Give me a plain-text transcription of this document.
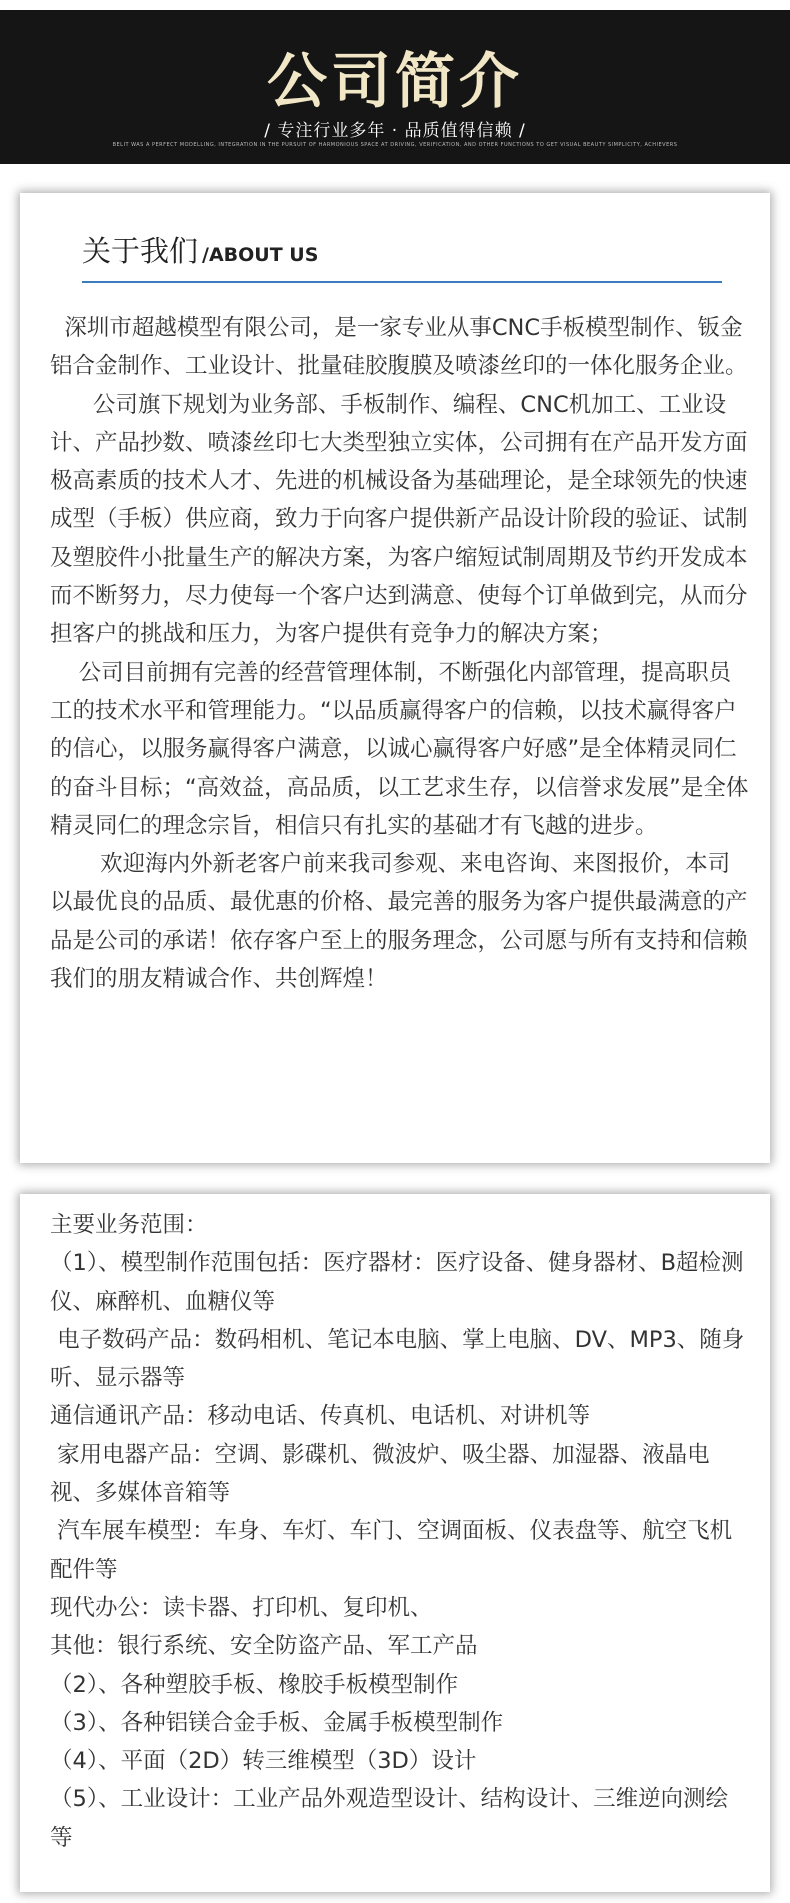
公司简介
/ 专注行业多年 · 品质值得信赖 /
BELIT WAS A PERFECT MODELLING, INTEGRATION IN THE PURSUIT OF HARMONIOUS SPACE AT DRIVING, VERIFICATION, AND OTHER FUNCTIONS TO GET VISUAL BEAUTY SIMPLICITY, ACHIEVERS
关于我们 /ABOUT US

深圳市超越模型有限公司，是一家专业从事CNC手板模型制作、钣金铝合金制作、工业设计、批量硅胶腹膜及喷漆丝印的一体化服务企业。

公司旗下规划为业务部、手板制作、编程、CNC机加工、工业设计、产品抄数、喷漆丝印七大类型独立实体，公司拥有在产品开发方面极高素质的技术人才、先进的机械设备为基础理论，是全球领先的快速成型（手板）供应商，致力于向客户提供新产品设计阶段的验证、试制及塑胶件小批量生产的解决方案，为客户缩短试制周期及节约开发成本而不断努力，尽力使每一个客户达到满意、使每个订单做到完，从而分担客户的挑战和压力，为客户提供有竞争力的解决方案；

公司目前拥有完善的经营管理体制，不断强化内部管理，提高职员工的技术水平和管理能力。“以品质赢得客户的信赖，以技术赢得客户的信心，以服务赢得客户满意，以诚心赢得客户好感”是全体精灵同仁的奋斗目标；“高效益，高品质，以工艺求生存，以信誉求发展”是全体精灵同仁的理念宗旨，相信只有扎实的基础才有飞越的进步。

欢迎海内外新老客户前来我司参观、来电咨询、来图报价，本司以最优良的品质、最优惠的价格、最完善的服务为客户提供最满意的产品是公司的承诺！依存客户至上的服务理念，公司愿与所有支持和信赖我们的朋友精诚合作、共创辉煌！

主要业务范围：
（1）、模型制作范围包括：医疗器材：医疗设备、健身器材、B超检测仪、麻醉机、血糖仪等
电子数码产品：数码相机、笔记本电脑、掌上电脑、DV、MP3、随身听、显示器等
通信通讯产品：移动电话、传真机、电话机、对讲机等
家用电器产品：空调、影碟机、微波炉、吸尘器、加湿器、液晶电视、多媒体音箱等
汽车展车模型：车身、车灯、车门、空调面板、仪表盘等、航空飞机配件等
现代办公：读卡器、打印机、复印机、
其他：银行系统、安全防盗产品、军工产品
（2）、各种塑胶手板、橡胶手板模型制作
（3）、各种铝镁合金手板、金属手板模型制作
（4）、平面（2D）转三维模型（3D）设计
（5）、工业设计：工业产品外观造型设计、结构设计、三维逆向测绘等
